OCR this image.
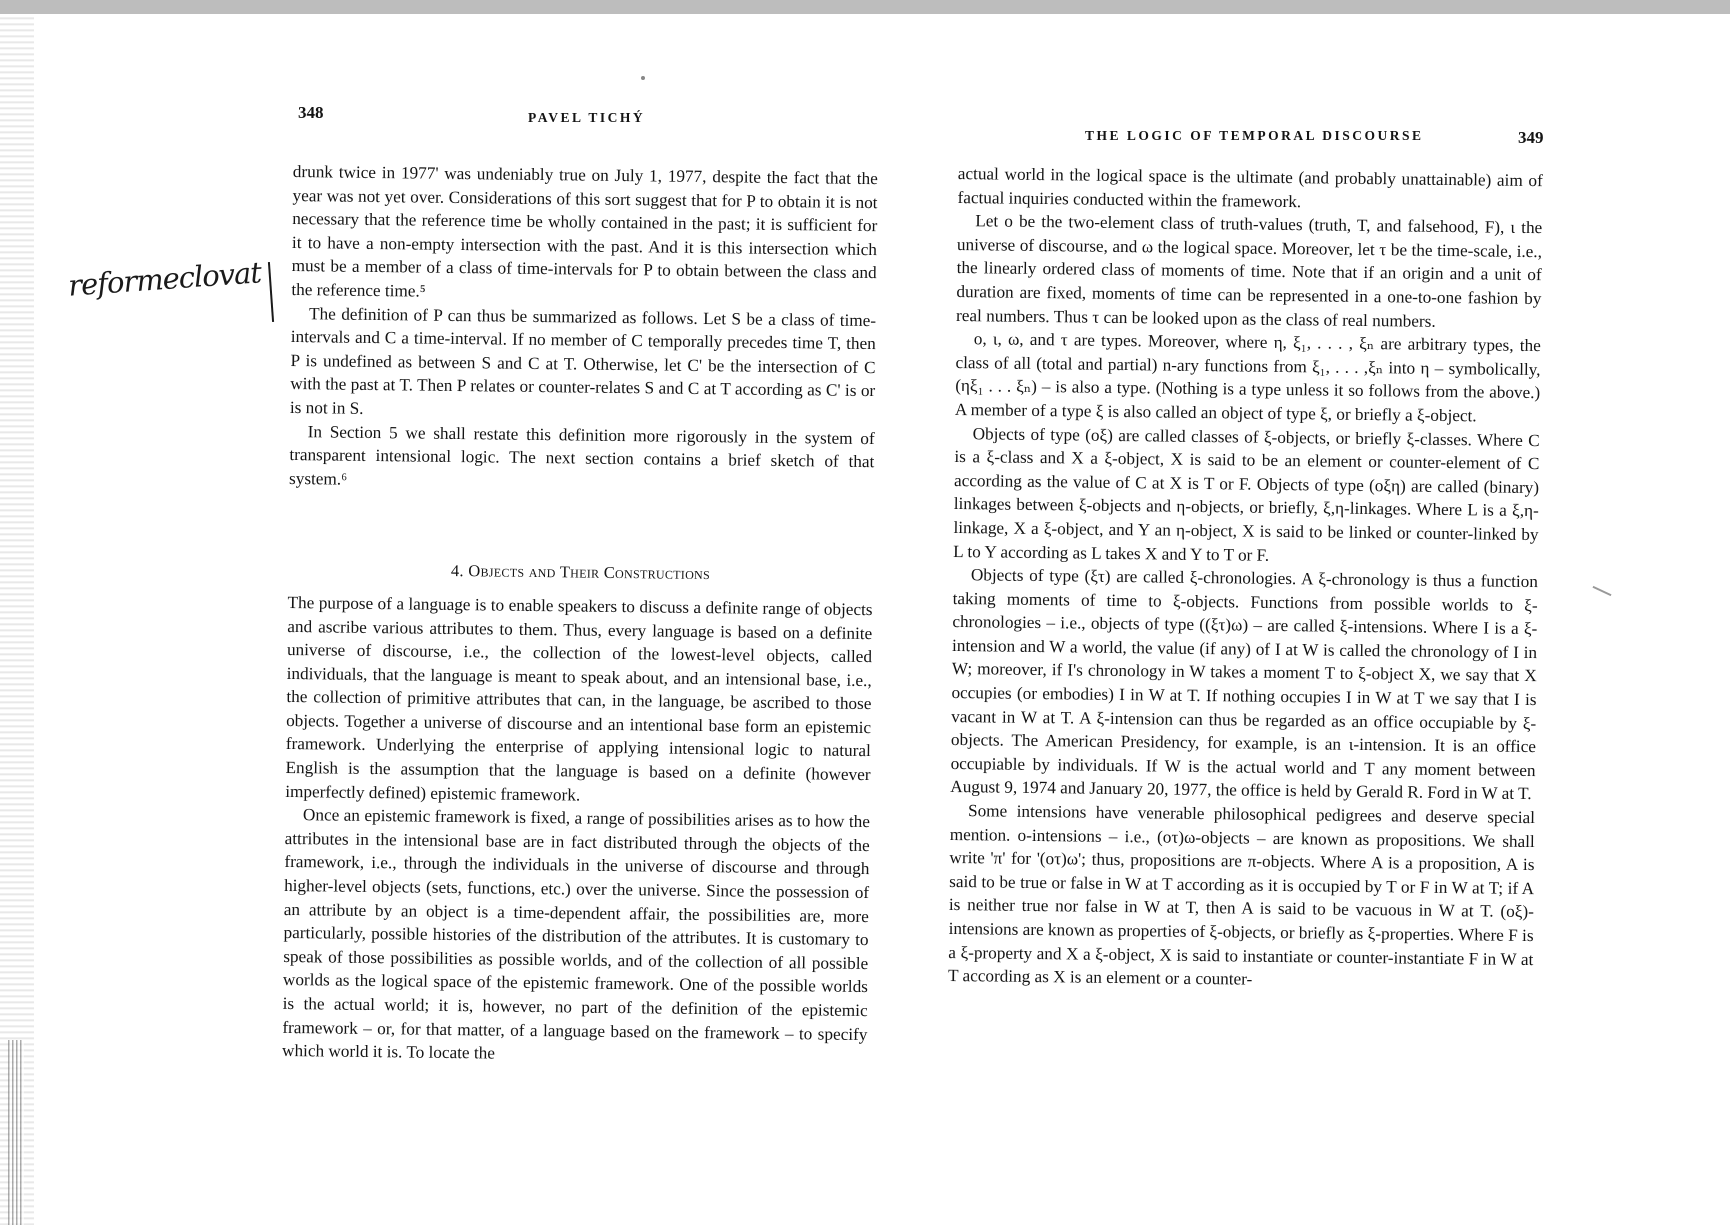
348	PAVEL TICHÝ
reformeclovat

drunk twice in 1977' was undeniably true on July 1, 1977, despite the fact that the year was not yet over. Considerations of this sort suggest that for P to obtain it is not necessary that the reference time be wholly contained in the past; it is sufficient for it to have a non-empty intersection with the past. And it is this intersection which must be a member of a class of time-intervals for P to obtain between the class and the reference time.⁵

The definition of P can thus be summarized as follows. Let S be a class of time-intervals and C a time-interval. If no member of C temporally precedes time T, then P is undefined as between S and C at T. Otherwise, let C' be the intersection of C with the past at T. Then P relates or counter-relates S and C at T according as C' is or is not in S.

In Section 5 we shall restate this definition more rigorously in the system of transparent intensional logic. The next section contains a brief sketch of that system.⁶

4. Objects and Their Constructions

The purpose of a language is to enable speakers to discuss a definite range of objects and ascribe various attributes to them. Thus, every language is based on a definite universe of discourse, i.e., the collection of the lowest-level objects, called individuals, that the language is meant to speak about, and an intensional base, i.e., the collection of primitive attributes that can, in the language, be ascribed to those objects. Together a universe of discourse and an intentional base form an epistemic framework. Underlying the enterprise of applying intensional logic to natural English is the assumption that the language is based on a definite (however imperfectly defined) epistemic framework.

Once an epistemic framework is fixed, a range of possibilities arises as to how the attributes in the intensional base are in fact distributed through the objects of the framework, i.e., through the individuals in the universe of discourse and through higher-level objects (sets, functions, etc.) over the universe. Since the possession of an attribute by an object is a time-dependent affair, the possibilities are, more particularly, possible histories of the distribution of the attributes. It is customary to speak of those possibilities as possible worlds, and of the collection of all possible worlds as the logical space of the epistemic framework. One of the possible worlds is the actual world; it is, however, no part of the definition of the epistemic framework – or, for that matter, of a language based on the framework – to specify which world it is. To locate the

THE LOGIC OF TEMPORAL DISCOURSE	349

actual world in the logical space is the ultimate (and probably unattainable) aim of factual inquiries conducted within the framework.

Let ο be the two-element class of truth-values (truth, T, and falsehood, F), ι the universe of discourse, and ω the logical space. Moreover, let τ be the time-scale, i.e., the linearly ordered class of moments of time. Note that if an origin and a unit of duration are fixed, moments of time can be represented in a one-to-one fashion by real numbers. Thus τ can be looked upon as the class of real numbers.

ο, ι, ω, and τ are types. Moreover, where η, ξ₁, . . . , ξₙ are arbitrary types, the class of all (total and partial) n-ary functions from ξ₁, . . . ,ξₙ into η – symbolically, (ηξ₁ . . . ξₙ) – is also a type. (Nothing is a type unless it so follows from the above.) A member of a type ξ is also called an object of type ξ, or briefly a ξ-object.

Objects of type (οξ) are called classes of ξ-objects, or briefly ξ-classes. Where C is a ξ-class and X a ξ-object, X is said to be an element or counter-element of C according as the value of C at X is T or F. Objects of type (οξη) are called (binary) linkages between ξ-objects and η-objects, or briefly, ξ,η-linkages. Where L is a ξ,η-linkage, X a ξ-object, and Y an η-object, X is said to be linked or counter-linked by L to Y according as L takes X and Y to T or F.

Objects of type (ξτ) are called ξ-chronologies. A ξ-chronology is thus a function taking moments of time to ξ-objects. Functions from possible worlds to ξ-chronologies – i.e., objects of type ((ξτ)ω) – are called ξ-intensions. Where I is a ξ-intension and W a world, the value (if any) of I at W is called the chronology of I in W; moreover, if I's chronology in W takes a moment T to ξ-object X, we say that X occupies (or embodies) I in W at T. If nothing occupies I in W at T we say that I is vacant in W at T. A ξ-intension can thus be regarded as an office occupiable by ξ-objects. The American Presidency, for example, is an ι-intension. It is an office occupiable by individuals. If W is the actual world and T any moment between August 9, 1974 and January 20, 1977, the office is held by Gerald R. Ford in W at T.

Some intensions have venerable philosophical pedigrees and deserve special mention. ο-intensions – i.e., (οτ)ω-objects – are known as propositions. We shall write 'π' for '(οτ)ω'; thus, propositions are π-objects. Where A is a proposition, A is said to be true or false in W at T according as it is occupied by T or F in W at T; if A is neither true nor false in W at T, then A is said to be vacuous in W at T. (οξ)-intensions are known as properties of ξ-objects, or briefly as ξ-properties. Where F is a ξ-property and X a ξ-object, X is said to instantiate or counter-instantiate F in W at T according as X is an element or a counter-
